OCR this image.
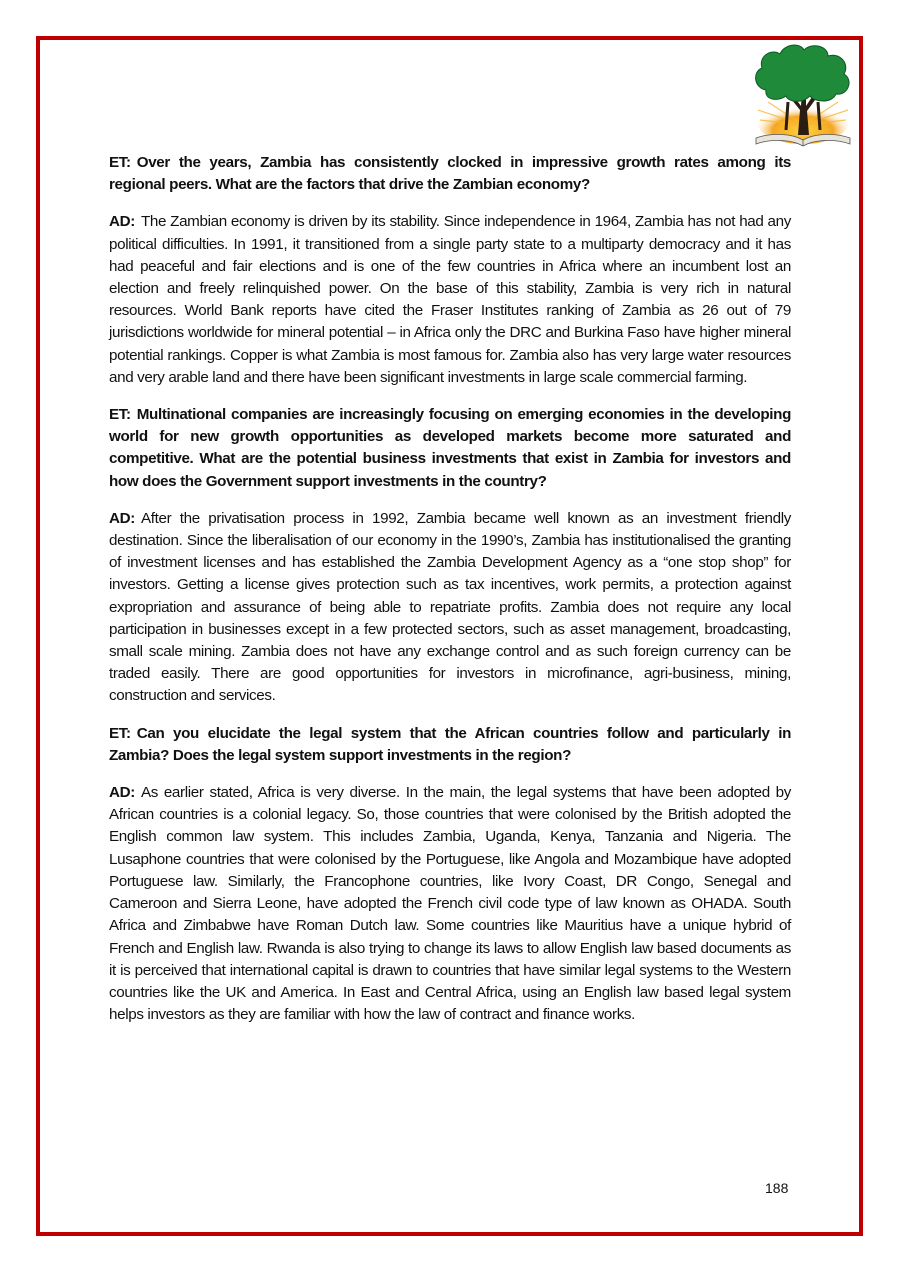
ET: Over the years, Zambia has consistently clocked in impressive growth rates among its regional peers. What are the factors that drive the Zambian economy?

AD: The Zambian economy is driven by its stability. Since independence in 1964, Zambia has not had any political difficulties. In 1991, it transitioned from a single party state to a multiparty democracy and it has had peaceful and fair elections and is one of the few countries in Africa where an incumbent lost an election and freely relinquished power. On the base of this stability, Zambia is very rich in natural resources. World Bank reports have cited the Fraser Institutes ranking of Zambia as 26 out of 79 jurisdictions worldwide for mineral potential – in Africa only the DRC and Burkina Faso have higher mineral potential rankings. Copper is what Zambia is most famous for. Zambia also has very large water resources and very arable land and there have been significant investments in large scale commercial farming.

ET: Multinational companies are increasingly focusing on emerging economies in the developing world for new growth opportunities as developed markets become more saturated and competitive. What are the potential business investments that exist in Zambia for investors and how does the Government support investments in the country?

AD: After the privatisation process in 1992, Zambia became well known as an investment friendly destination. Since the liberalisation of our economy in the 1990’s, Zambia has institutionalised the granting of investment licenses and has established the Zambia Development Agency as a “one stop shop” for investors. Getting a license gives protection such as tax incentives, work permits, a protection against expropriation and assurance of being able to repatriate profits. Zambia does not require any local participation in businesses except in a few protected sectors, such as asset management, broadcasting, small scale mining. Zambia does not have any exchange control and as such foreign currency can be traded easily. There are good opportunities for investors in microfinance, agri-business, mining, construction and services.

ET: Can you elucidate the legal system that the African countries follow and particularly in Zambia? Does the legal system support investments in the region?

AD: As earlier stated, Africa is very diverse. In the main, the legal systems that have been adopted by African countries is a colonial legacy. So, those countries that were colonised by the British adopted the English common law system. This includes Zambia, Uganda, Kenya, Tanzania and Nigeria. The Lusaphone countries that were colonised by the Portuguese, like Angola and Mozambique have adopted Portuguese law. Similarly, the Francophone countries, like Ivory Coast, DR Congo, Senegal and Cameroon and Sierra Leone, have adopted the French civil code type of law known as OHADA. South Africa and Zimbabwe have Roman Dutch law. Some countries like Mauritius have a unique hybrid of French and English law. Rwanda is also trying to change its laws to allow English law based documents as it is perceived that international capital is drawn to countries that have similar legal systems to the Western countries like the UK and America. In East and Central Africa, using an English law based legal system helps investors as they are familiar with how the law of contract and finance works.

188
